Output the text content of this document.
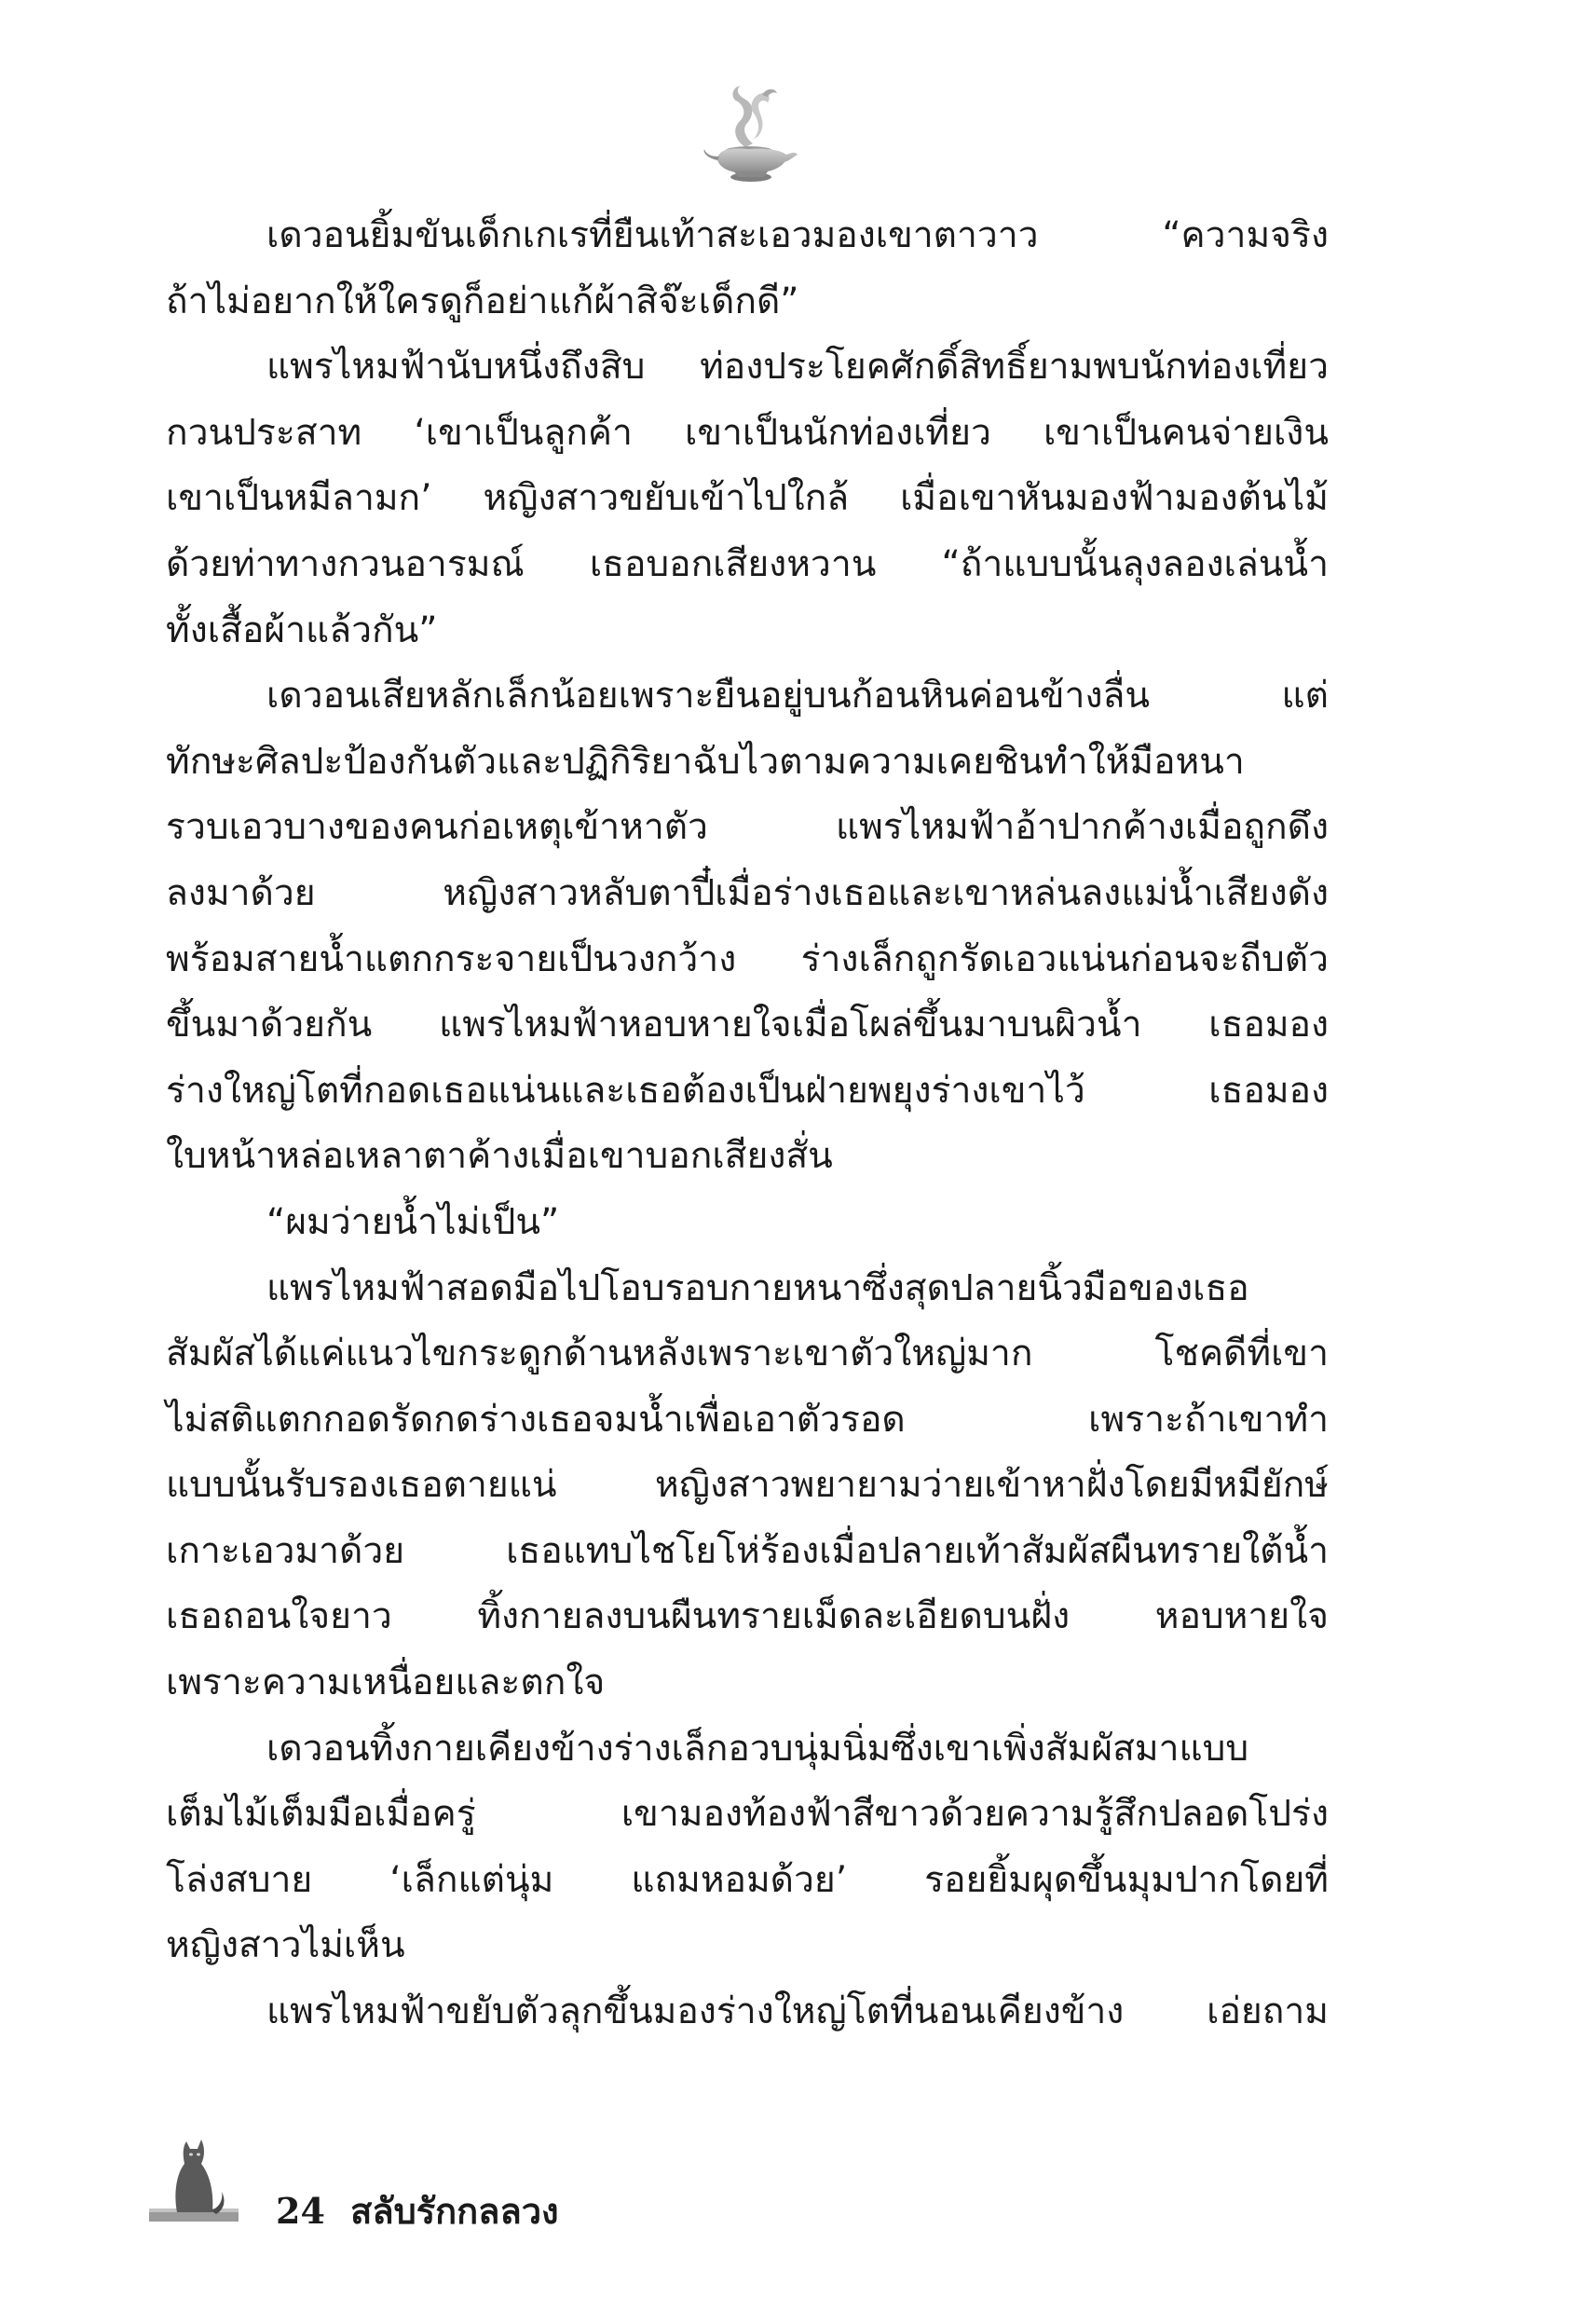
เดวอนยิ้มขันเด็กเกเรที่ยืนเท้าสะเอวมองเขาตาวาว “ความจริง
ถ้าไม่อยากให้ใครดูก็อย่าแก้ผ้าสิจ๊ะเด็กดี”
แพรไหมฟ้านับหนึ่งถึงสิบ ท่องประโยคศักดิ์สิทธิ์ยามพบนักท่องเที่ยว
กวนประสาท ‘เขาเป็นลูกค้า เขาเป็นนักท่องเที่ยว เขาเป็นคนจ่ายเงิน
เขาเป็นหมีลามก’ หญิงสาวขยับเข้าไปใกล้ เมื่อเขาหันมองฟ้ามองต้นไม้
ด้วยท่าทางกวนอารมณ์ เธอบอกเสียงหวาน “ถ้าแบบนั้นลุงลองเล่นน้ำ
ทั้งเสื้อผ้าแล้วกัน”
เดวอนเสียหลักเล็กน้อยเพราะยืนอยู่บนก้อนหินค่อนข้างลื่น แต่
ทักษะศิลปะป้องกันตัวและปฏิกิริยาฉับไวตามความเคยชินทำให้มือหนา
รวบเอวบางของคนก่อเหตุเข้าหาตัว แพรไหมฟ้าอ้าปากค้างเมื่อถูกดึง
ลงมาด้วย หญิงสาวหลับตาปี๋เมื่อร่างเธอและเขาหล่นลงแม่น้ำเสียงดัง
พร้อมสายน้ำแตกกระจายเป็นวงกว้าง ร่างเล็กถูกรัดเอวแน่นก่อนจะถีบตัว
ขึ้นมาด้วยกัน แพรไหมฟ้าหอบหายใจเมื่อโผล่ขึ้นมาบนผิวน้ำ เธอมอง
ร่างใหญ่โตที่กอดเธอแน่นและเธอต้องเป็นฝ่ายพยุงร่างเขาไว้ เธอมอง
ใบหน้าหล่อเหลาตาค้างเมื่อเขาบอกเสียงสั่น
“ผมว่ายน้ำไม่เป็น”
แพรไหมฟ้าสอดมือไปโอบรอบกายหนาซึ่งสุดปลายนิ้วมือของเธอ
สัมผัสได้แค่แนวไขกระดูกด้านหลังเพราะเขาตัวใหญ่มาก โชคดีที่เขา
ไม่สติแตกกอดรัดกดร่างเธอจมน้ำเพื่อเอาตัวรอด เพราะถ้าเขาทำ
แบบนั้นรับรองเธอตายแน่ หญิงสาวพยายามว่ายเข้าหาฝั่งโดยมีหมียักษ์
เกาะเอวมาด้วย เธอแทบไชโยโห่ร้องเมื่อปลายเท้าสัมผัสผืนทรายใต้น้ำ
เธอถอนใจยาว ทิ้งกายลงบนผืนทรายเม็ดละเอียดบนฝั่ง หอบหายใจ
เพราะความเหนื่อยและตกใจ
เดวอนทิ้งกายเคียงข้างร่างเล็กอวบนุ่มนิ่มซึ่งเขาเพิ่งสัมผัสมาแบบ
เต็มไม้เต็มมือเมื่อครู่ เขามองท้องฟ้าสีขาวด้วยความรู้สึกปลอดโปร่ง
โล่งสบาย ‘เล็กแต่นุ่ม แถมหอมด้วย’ รอยยิ้มผุดขึ้นมุมปากโดยที่
หญิงสาวไม่เห็น
แพรไหมฟ้าขยับตัวลุกขึ้นมองร่างใหญ่โตที่นอนเคียงข้าง เอ่ยถาม
24 สลับรักกลลวง
